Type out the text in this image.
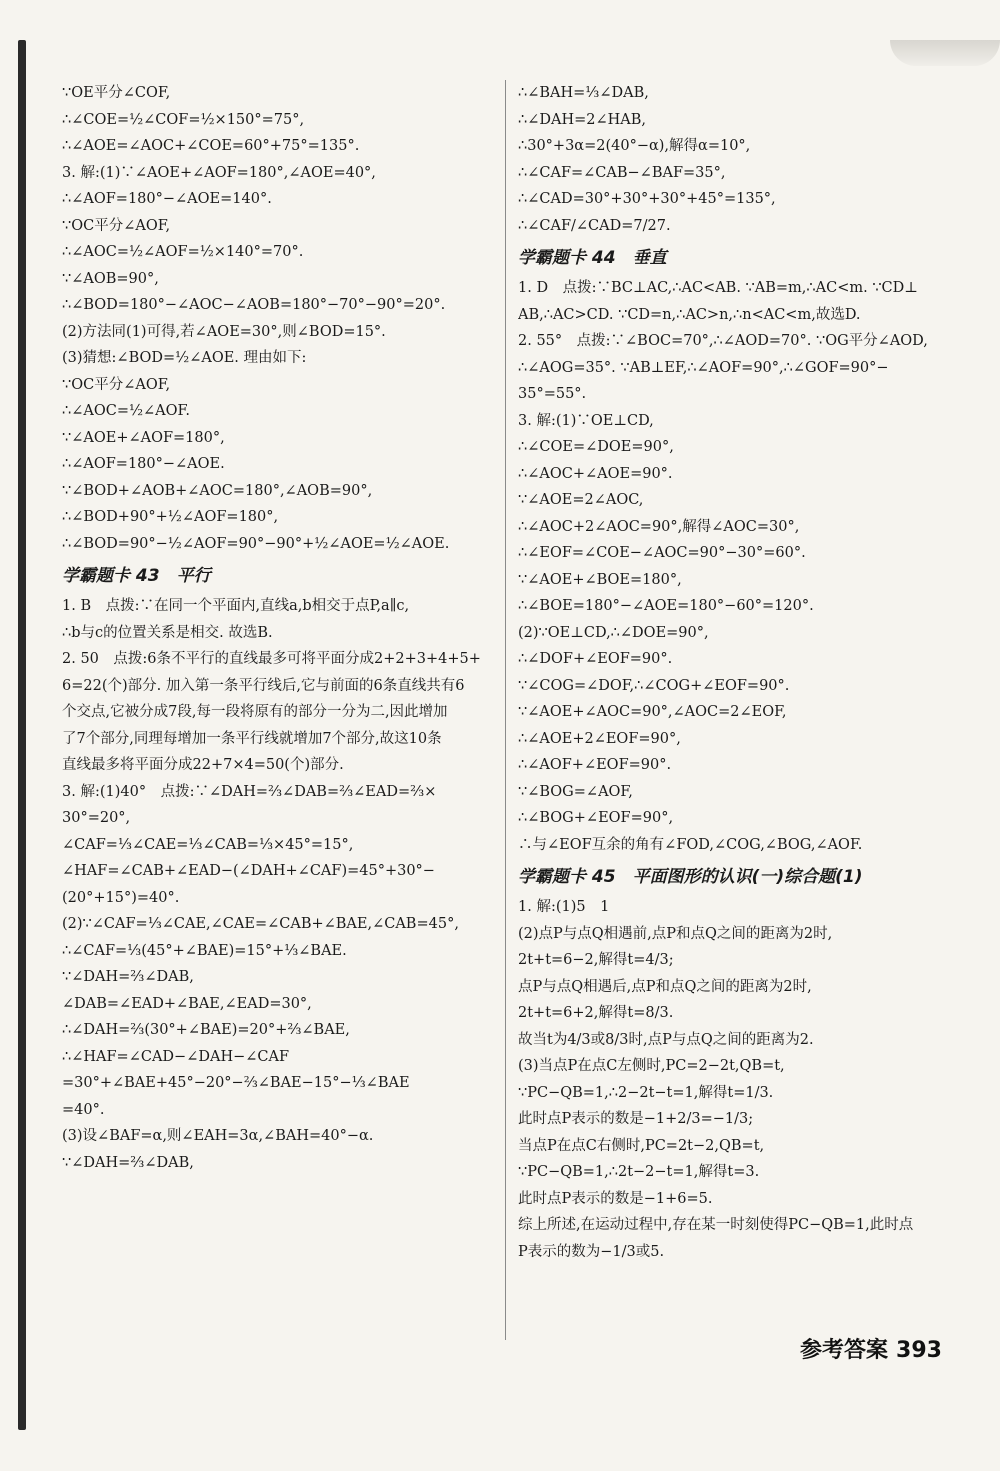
∵OE平分∠COF,
∴∠COE=½∠COF=½×150°=75°,
∴∠AOE=∠AOC+∠COE=60°+75°=135°.
3. 解:(1)∵∠AOE+∠AOF=180°,∠AOE=40°,
∴∠AOF=180°−∠AOE=140°.
∵OC平分∠AOF,
∴∠AOC=½∠AOF=½×140°=70°.
∵∠AOB=90°,
∴∠BOD=180°−∠AOC−∠AOB=180°−70°−90°=20°.
(2)方法同(1)可得,若∠AOE=30°,则∠BOD=15°.
(3)猜想:∠BOD=½∠AOE. 理由如下:
∵OC平分∠AOF,
∴∠AOC=½∠AOF.
∵∠AOE+∠AOF=180°,
∴∠AOF=180°−∠AOE.
∵∠BOD+∠AOB+∠AOC=180°,∠AOB=90°,
∴∠BOD+90°+½∠AOF=180°,
∴∠BOD=90°−½∠AOF=90°−90°+½∠AOE=½∠AOE.
学霸题卡 43　平行
1. B　点拨:∵在同一个平面内,直线a,b相交于点P,a∥c,
∴b与c的位置关系是相交. 故选B.
2. 50　点拨:6条不平行的直线最多可将平面分成2+2+3+4+5+
6=22(个)部分. 加入第一条平行线后,它与前面的6条直线共有6
个交点,它被分成7段,每一段将原有的部分一分为二,因此增加
了7个部分,同理每增加一条平行线就增加7个部分,故这10条
直线最多将平面分成22+7×4=50(个)部分.
3. 解:(1)40°　点拨:∵∠DAH=⅔∠DAB=⅔∠EAD=⅔×
30°=20°,
∠CAF=⅓∠CAE=⅓∠CAB=⅓×45°=15°,
∠HAF=∠CAB+∠EAD−(∠DAH+∠CAF)=45°+30°−
(20°+15°)=40°.
(2)∵∠CAF=⅓∠CAE,∠CAE=∠CAB+∠BAE,∠CAB=45°,
∴∠CAF=⅓(45°+∠BAE)=15°+⅓∠BAE.
∵∠DAH=⅔∠DAB,
∠DAB=∠EAD+∠BAE,∠EAD=30°,
∴∠DAH=⅔(30°+∠BAE)=20°+⅔∠BAE,
∴∠HAF=∠CAD−∠DAH−∠CAF
=30°+∠BAE+45°−20°−⅔∠BAE−15°−⅓∠BAE
=40°.
(3)设∠BAF=α,则∠EAH=3α,∠BAH=40°−α.
∵∠DAH=⅔∠DAB,
∴∠BAH=⅓∠DAB,
∴∠DAH=2∠HAB,
∴30°+3α=2(40°−α),解得α=10°,
∴∠CAF=∠CAB−∠BAF=35°,
∴∠CAD=30°+30°+30°+45°=135°,
∴∠CAF/∠CAD=7/27.
学霸题卡 44　垂直
1. D　点拨:∵BC⊥AC,∴AC<AB. ∵AB=m,∴AC<m. ∵CD⊥
AB,∴AC>CD. ∵CD=n,∴AC>n,∴n<AC<m,故选D.
2. 55°　点拨:∵∠BOC=70°,∴∠AOD=70°. ∵OG平分∠AOD,
∴∠AOG=35°. ∵AB⊥EF,∴∠AOF=90°,∴∠GOF=90°−
35°=55°.
3. 解:(1)∵OE⊥CD,
∴∠COE=∠DOE=90°,
∴∠AOC+∠AOE=90°.
∵∠AOE=2∠AOC,
∴∠AOC+2∠AOC=90°,解得∠AOC=30°,
∴∠EOF=∠COE−∠AOC=90°−30°=60°.
∵∠AOE+∠BOE=180°,
∴∠BOE=180°−∠AOE=180°−60°=120°.
(2)∵OE⊥CD,∴∠DOE=90°,
∴∠DOF+∠EOF=90°.
∵∠COG=∠DOF,∴∠COG+∠EOF=90°.
∵∠AOE+∠AOC=90°,∠AOC=2∠EOF,
∴∠AOE+2∠EOF=90°,
∴∠AOF+∠EOF=90°.
∵∠BOG=∠AOF,
∴∠BOG+∠EOF=90°,
∴与∠EOF互余的角有∠FOD,∠COG,∠BOG,∠AOF.
学霸题卡 45　平面图形的认识(一)综合题(1)
1. 解:(1)5　1
(2)点P与点Q相遇前,点P和点Q之间的距离为2时,
2t+t=6−2,解得t=4/3;
点P与点Q相遇后,点P和点Q之间的距离为2时,
2t+t=6+2,解得t=8/3.
故当t为4/3或8/3时,点P与点Q之间的距离为2.
(3)当点P在点C左侧时,PC=2−2t,QB=t,
∵PC−QB=1,∴2−2t−t=1,解得t=1/3.
此时点P表示的数是−1+2/3=−1/3;
当点P在点C右侧时,PC=2t−2,QB=t,
∵PC−QB=1,∴2t−2−t=1,解得t=3.
此时点P表示的数是−1+6=5.
综上所述,在运动过程中,存在某一时刻使得PC−QB=1,此时点
P表示的数为−1/3或5.
参考答案 393
